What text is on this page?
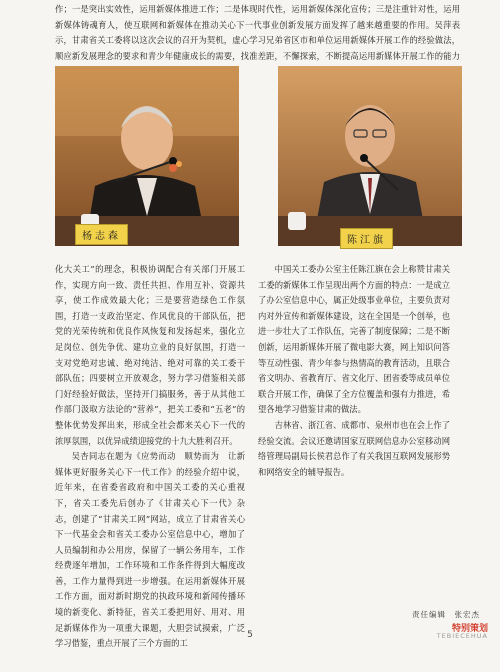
作；一是突出实效性，运用新媒体推进工作；二是体现时代性，运用新媒体深化宣传；三是注重针对性，运用新媒体铸魂育人，使互联网和新媒体在推动关心下一代事业创新发展方面发挥了越来越重要的作用。吴萍表示，甘肃省关工委将以这次会议的召开为契机，虚心学习兄弟省区市和单位运用新媒体开展工作的经验做法，顺应新发展理念的要求和青少年健康成长的需要，找准差距，不懈探索，不断提高运用新媒体开展工作的能力

杨志森	陈江旗

化大关工”的理念，积极协调配合有关部门开展工作，实现方向一致、责任共担、作用互补、资源共享，使工作成效最大化；三是要营造绿色工作氛围，打造一支政治坚定、作风优良的干部队伍，把党的光荣传统和优良作风恢复和发扬起来，强化立足岗位、创先争优、建功立业的良好氛围，打造一支对党绝对忠诚、绝对纯洁、绝对可靠的关工委干部队伍；四要树立开放观念，努力学习借鉴相关部门好经验好做法，坚持开门搞服务，善于从其他工作部门汲取方法论的“营养”，把关工委和“五老”的整体优势发挥出来，形成全社会都来关心下一代的浓厚氛围，以优异成绩迎接党的十九大胜利召开。

吴杏同志在题为《应势而动　顺势而为　让新媒体更好服务关心下一代工作》的经验介绍中说，近年来，在省委省政府和中国关工委的关心重视下，省关工委先后创办了《甘肃关心下一代》杂志，创建了“甘肃关工网”网站，成立了甘肃省关心下一代基金会和省关工委办公室信息中心，增加了人员编制和办公用房，保留了一辆公务用车，工作经费逐年增加，工作环境和工作条件得到大幅度改善，工作力量得到进一步增强。在运用新媒体开展工作方面，面对新时期党的执政环境和新闻传播环境的新变化、新特征，省关工委把用好、用对、用足新媒体作为一项重大课题，大胆尝试摸索，广泛学习借鉴，重点开展了三个方面的工

中国关工委办公室主任陈江旗在会上称赞甘肃关工委的新媒体工作呈现出两个方面的特点：一是成立了办公室信息中心，属正处级事业单位，主要负责对内对外宣传和新媒体建设，这在全国是一个创举，也进一步壮大了工作队伍，完善了制度保障；二是不断创新，运用新媒体开展了微电影大赛，网上知识问答等互动性强、青少年参与热情高的教育活动，且联合省文明办、省教育厅、省文化厅、团省委等成员单位联合开展工作，确保了全方位覆盖和强有力推进，希望各地学习借鉴甘肃的做法。

吉林省、浙江省、成都市、泉州市也在会上作了经验交流。会议还邀请国家互联网信息办公室移动网络管理局副局长侯君总作了有关我国互联网发展形势和网络安全的辅导报告。

责任编辑　张宏杰
5
特别策划
TEBIECEHUA
